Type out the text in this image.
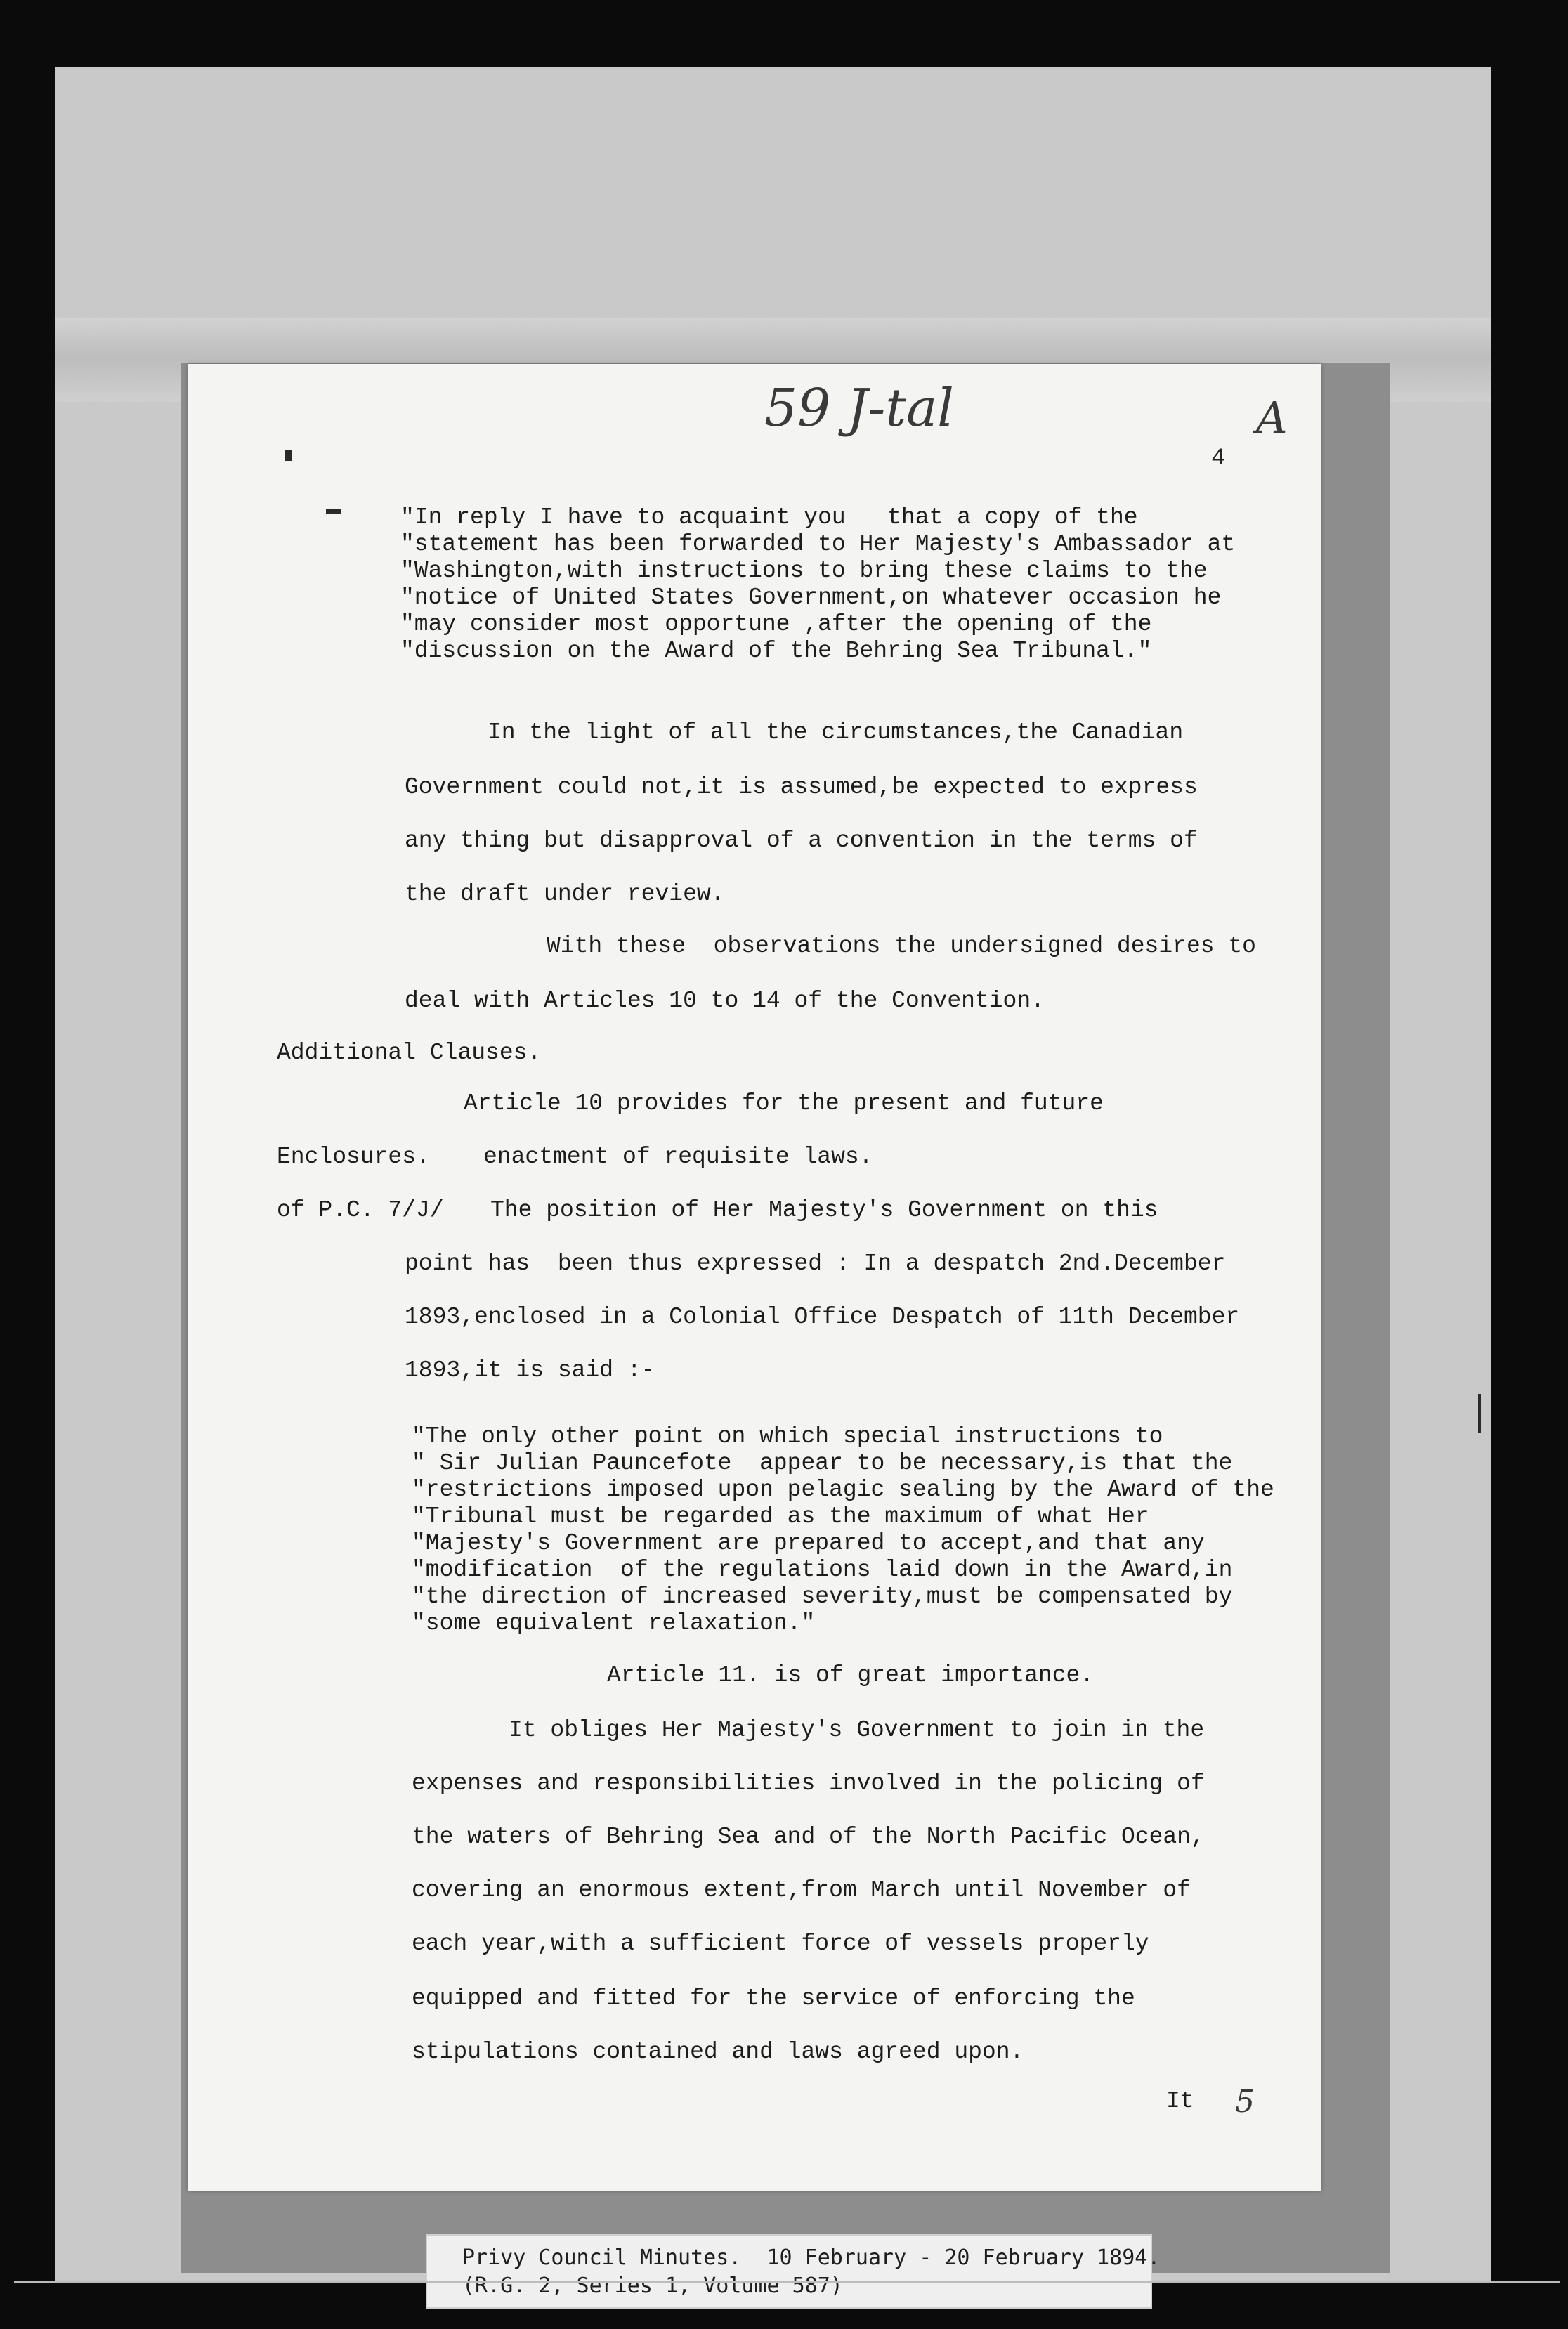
59 J-tal	A
4
"In reply I have to acquaint you   that a copy of the
"statement has been forwarded to Her Majesty's Ambassador at
"Washington,with instructions to bring these claims to the
"notice of United States Government,on whatever occasion he
"may consider most opportune ,after the opening of the
"discussion on the Award of the Behring Sea Tribunal."
In the light of all the circumstances,the Canadian
Government could not,it is assumed,be expected to express
any thing but disapproval of a convention in the terms of
the draft under review.
With these  observations the undersigned desires to
deal with Articles 10 to 14 of the Convention.
Additional Clauses.
Article 10 provides for the present and future
Enclosures. enactment of requisite laws.
of P.C. 7/J/ The position of Her Majesty's Government on this
point has  been thus expressed : In a despatch 2nd.December
1893,enclosed in a Colonial Office Despatch of 11th December
1893,it is said :-
"The only other point on which special instructions to
" Sir Julian Pauncefote  appear to be necessary,is that the
"restrictions imposed upon pelagic sealing by the Award of the
"Tribunal must be regarded as the maximum of what Her
"Majesty's Government are prepared to accept,and that any
"modification  of the regulations laid down in the Award,in
"the direction of increased severity,must be compensated by
"some equivalent relaxation."
Article 11. is of great importance.
It obliges Her Majesty's Government to join in the
expenses and responsibilities involved in the policing of
the waters of Behring Sea and of the North Pacific Ocean,
covering an enormous extent,from March until November of
each year,with a sufficient force of vessels properly
equipped and fitted for the service of enforcing the
stipulations contained and laws agreed upon.
It 5
Privy Council Minutes.  10 February - 20 February 1894.
(R.G. 2, Series 1, Volume 587)
